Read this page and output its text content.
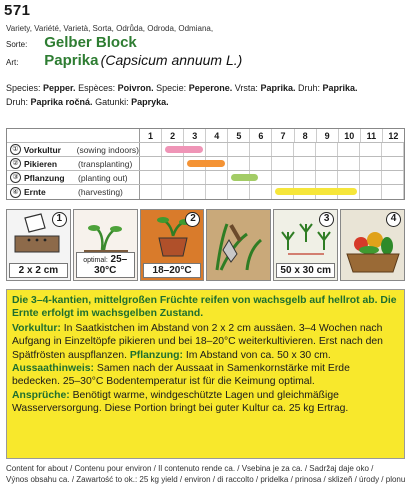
571
Variety, Variété, Varietà, Sorta, Odrůda, Odroda, Odmiana,
Sorte: Gelber Block
Art: Paprika (Capsicum annuum L.)
Species: Pepper. Espèces: Poivron. Specie: Peperone. Vrsta: Paprika. Druh: Paprika.
Druh: Paprika ročná. Gatunki: Papryka.
1	2	3	4	5	6	7	8	9	10	11	12
① Vorkultur	(sowing indoors)
② Pikieren	(transplanting)
③ Pflanzung	(planting out)
④ Ernte	(harvesting)
1
2 x 2 cm
optimal: 25–30°C
2
18–20°C
3
50 x 30 cm
4
Die 3–4-kantien, mittelgroßen Früchte reifen von wachsgelb auf hellrot ab. Die Ernte erfolgt im wachsgelben Zustand.

Vorkultur: In Saatkistchen im Abstand von 2 x 2 cm aussäen. 3–4 Wochen nach Aufgang in Einzeltöpfe pikieren und bei 18–20°C weiterkultivieren. Erst nach den Spätfrösten auspflanzen. Pflanzung: Im Abstand von ca. 50 x 30 cm.

Aussaathinweis: Samen nach der Aussaat in Samenkornstärke mit Erde bedecken. 25–30°C Bodentemperatur ist für die Keimung optimal.

Ansprüche: Benötigt warme, windgeschützte Lagen und gleichmäßige Wasserversorgung. Diese Portion bringt bei guter Kultur ca. 25 kg Ertrag.

Content for about / Contenu pour environ / Il contenuto rende ca. / Vsebina je za ca. / Sadržaj daje oko /
Výnos obsahu ca. / Zawartość to ok.: 25 kg yield / environ / di raccolto / pridelka / prinosa / sklizeň / úrody / plonu
